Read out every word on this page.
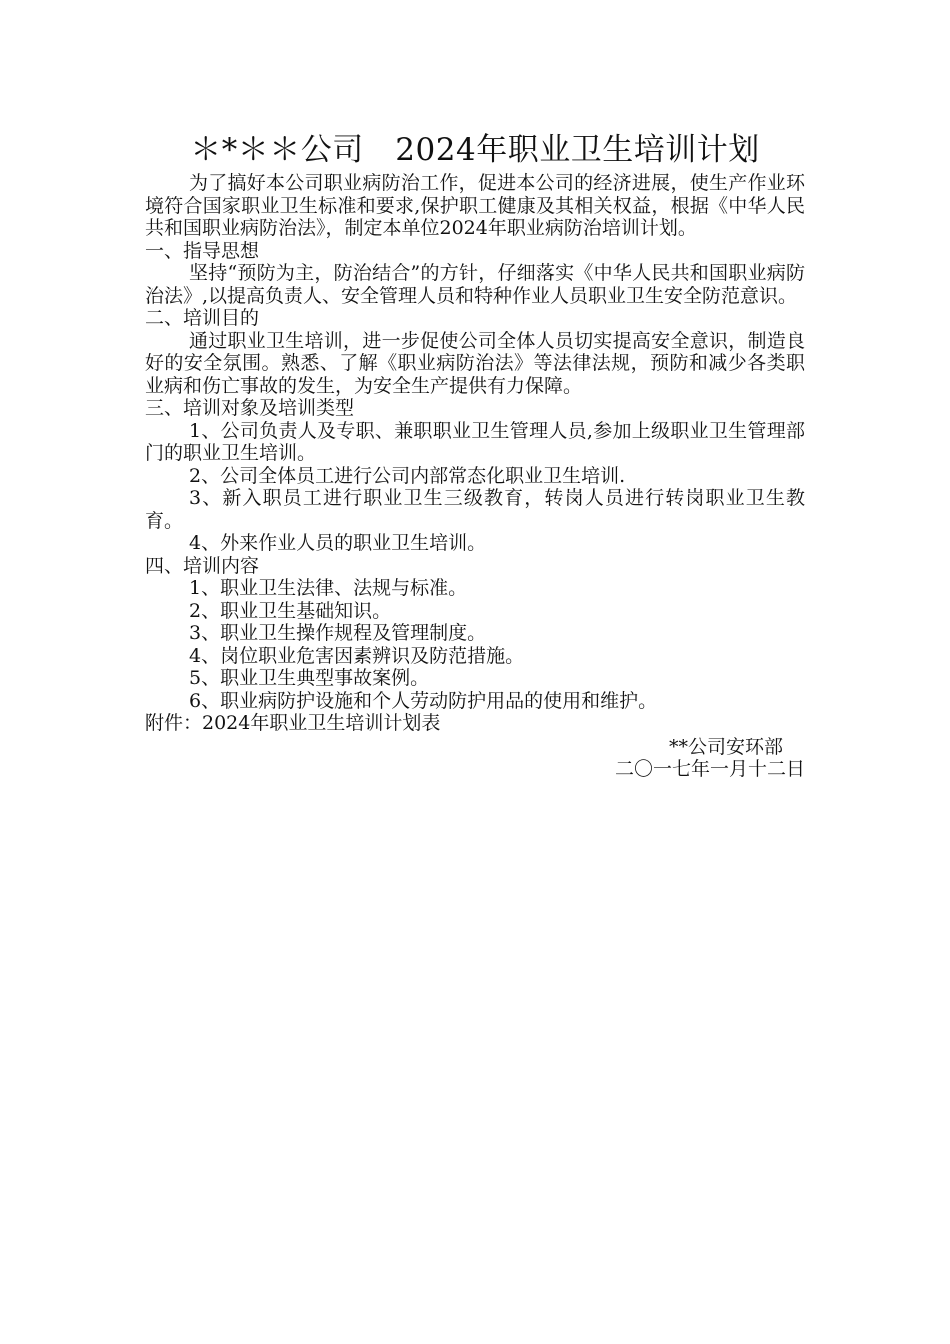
＊*＊＊公司　2024年职业卫生培训计划

为了搞好本公司职业病防治工作，促进本公司的经济进展，使生产作业环境符合国家职业卫生标准和要求,保护职工健康及其相关权益，根据《中华人民共和国职业病防治法》，制定本单位2024年职业病防治培训计划。

一、指导思想

坚持“预防为主，防治结合”的方针，仔细落实《中华人民共和国职业病防治法》,以提高负责人、安全管理人员和特种作业人员职业卫生安全防范意识。

二、培训目的

通过职业卫生培训，进一步促使公司全体人员切实提高安全意识，制造良好的安全氛围。熟悉、了解《职业病防治法》等法律法规，预防和减少各类职业病和伤亡事故的发生，为安全生产提供有力保障。

三、培训对象及培训类型

1、公司负责人及专职、兼职职业卫生管理人员,参加上级职业卫生管理部门的职业卫生培训。

2、公司全体员工进行公司内部常态化职业卫生培训.

3、新入职员工进行职业卫生三级教育，转岗人员进行转岗职业卫生教育。

4、外来作业人员的职业卫生培训。

四、培训内容

1、职业卫生法律、法规与标准。

2、职业卫生基础知识。

3、职业卫生操作规程及管理制度。

4、岗位职业危害因素辨识及防范措施。

5、职业卫生典型事故案例。

6、职业病防护设施和个人劳动防护用品的使用和维护。

附件：2024年职业卫生培训计划表

**公司安环部

二〇一七年一月十二日
